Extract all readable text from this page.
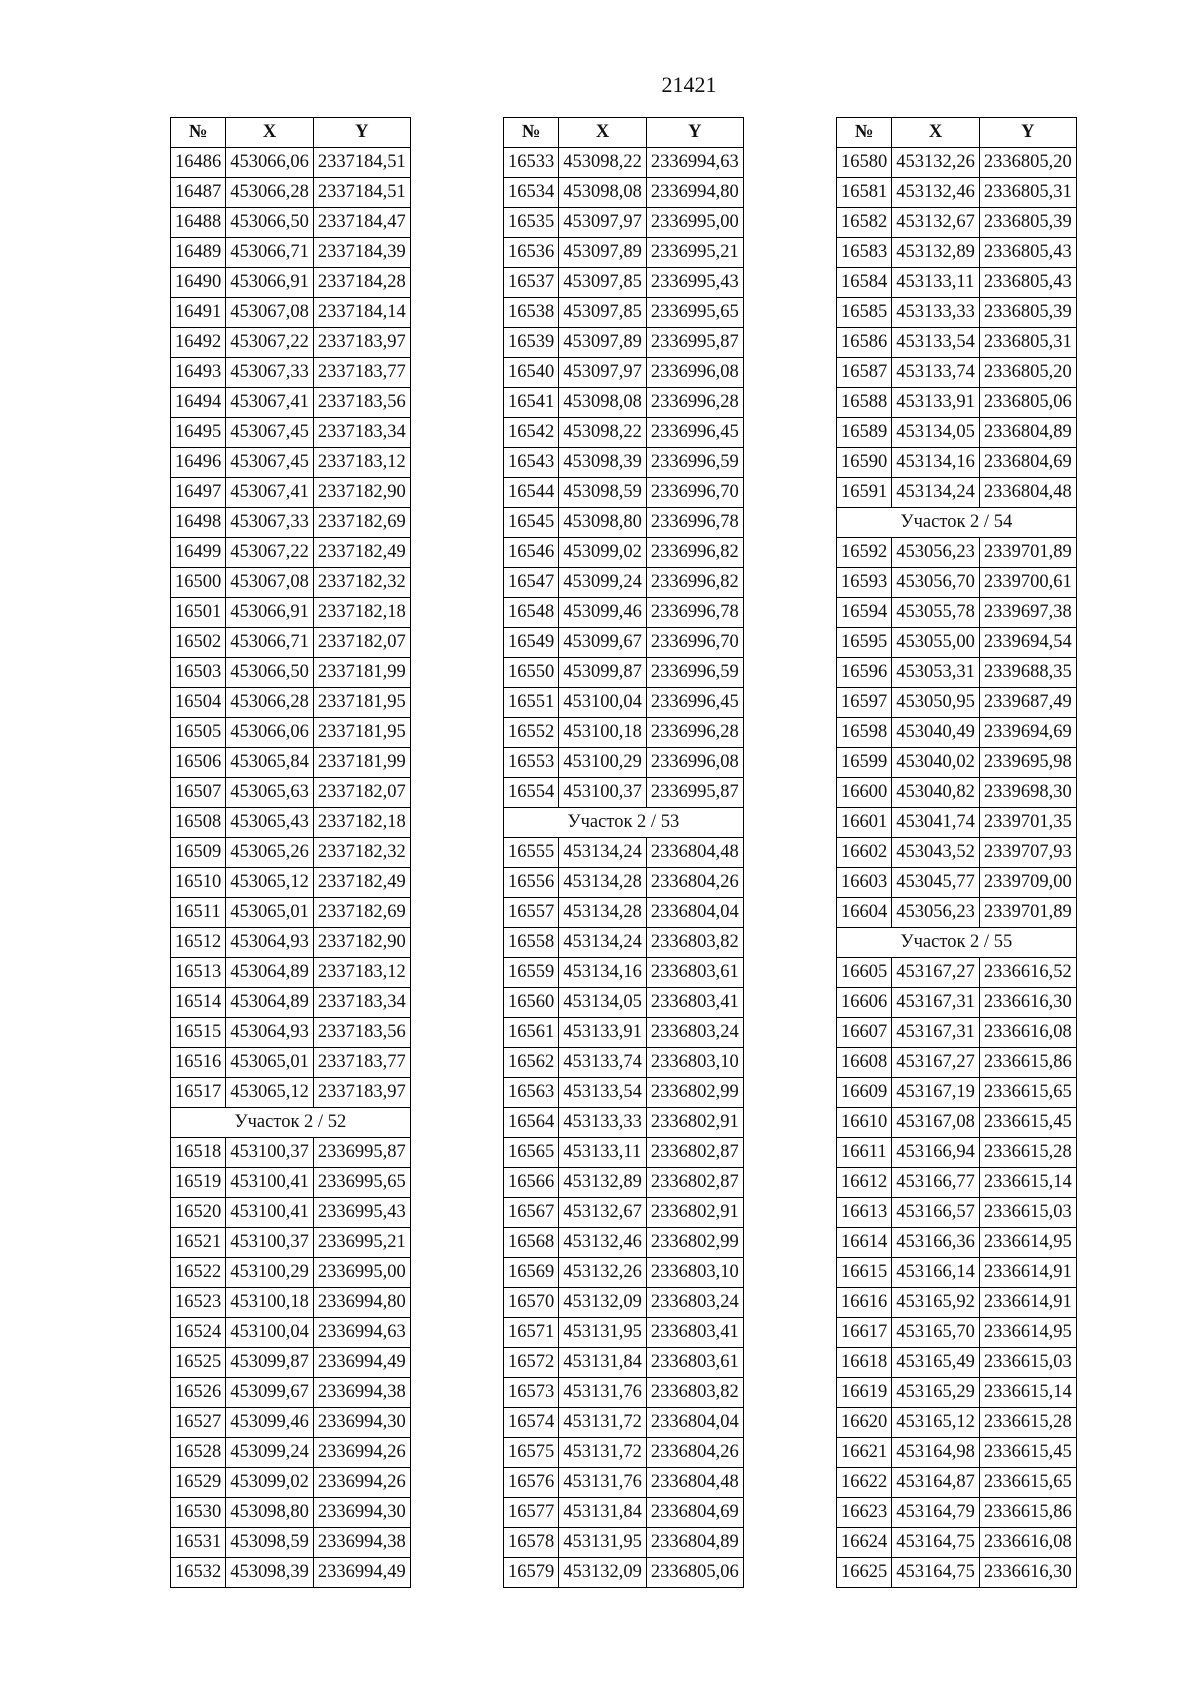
21421
№	X	Y
16486	453066,06	2337184,51
16487	453066,28	2337184,51
16488	453066,50	2337184,47
16489	453066,71	2337184,39
16490	453066,91	2337184,28
16491	453067,08	2337184,14
16492	453067,22	2337183,97
16493	453067,33	2337183,77
16494	453067,41	2337183,56
16495	453067,45	2337183,34
16496	453067,45	2337183,12
16497	453067,41	2337182,90
16498	453067,33	2337182,69
16499	453067,22	2337182,49
16500	453067,08	2337182,32
16501	453066,91	2337182,18
16502	453066,71	2337182,07
16503	453066,50	2337181,99
16504	453066,28	2337181,95
16505	453066,06	2337181,95
16506	453065,84	2337181,99
16507	453065,63	2337182,07
16508	453065,43	2337182,18
16509	453065,26	2337182,32
16510	453065,12	2337182,49
16511	453065,01	2337182,69
16512	453064,93	2337182,90
16513	453064,89	2337183,12
16514	453064,89	2337183,34
16515	453064,93	2337183,56
16516	453065,01	2337183,77
16517	453065,12	2337183,97
Участок 2 / 52		
16518	453100,37	2336995,87
16519	453100,41	2336995,65
16520	453100,41	2336995,43
16521	453100,37	2336995,21
16522	453100,29	2336995,00
16523	453100,18	2336994,80
16524	453100,04	2336994,63
16525	453099,87	2336994,49
16526	453099,67	2336994,38
16527	453099,46	2336994,30
16528	453099,24	2336994,26
16529	453099,02	2336994,26
16530	453098,80	2336994,30
16531	453098,59	2336994,38
16532	453098,39	2336994,49
№	X	Y
16533	453098,22	2336994,63
16534	453098,08	2336994,80
16535	453097,97	2336995,00
16536	453097,89	2336995,21
16537	453097,85	2336995,43
16538	453097,85	2336995,65
16539	453097,89	2336995,87
16540	453097,97	2336996,08
16541	453098,08	2336996,28
16542	453098,22	2336996,45
16543	453098,39	2336996,59
16544	453098,59	2336996,70
16545	453098,80	2336996,78
16546	453099,02	2336996,82
16547	453099,24	2336996,82
16548	453099,46	2336996,78
16549	453099,67	2336996,70
16550	453099,87	2336996,59
16551	453100,04	2336996,45
16552	453100,18	2336996,28
16553	453100,29	2336996,08
16554	453100,37	2336995,87
Участок 2 / 53		
16555	453134,24	2336804,48
16556	453134,28	2336804,26
16557	453134,28	2336804,04
16558	453134,24	2336803,82
16559	453134,16	2336803,61
16560	453134,05	2336803,41
16561	453133,91	2336803,24
16562	453133,74	2336803,10
16563	453133,54	2336802,99
16564	453133,33	2336802,91
16565	453133,11	2336802,87
16566	453132,89	2336802,87
16567	453132,67	2336802,91
16568	453132,46	2336802,99
16569	453132,26	2336803,10
16570	453132,09	2336803,24
16571	453131,95	2336803,41
16572	453131,84	2336803,61
16573	453131,76	2336803,82
16574	453131,72	2336804,04
16575	453131,72	2336804,26
16576	453131,76	2336804,48
16577	453131,84	2336804,69
16578	453131,95	2336804,89
16579	453132,09	2336805,06
№	X	Y
16580	453132,26	2336805,20
16581	453132,46	2336805,31
16582	453132,67	2336805,39
16583	453132,89	2336805,43
16584	453133,11	2336805,43
16585	453133,33	2336805,39
16586	453133,54	2336805,31
16587	453133,74	2336805,20
16588	453133,91	2336805,06
16589	453134,05	2336804,89
16590	453134,16	2336804,69
16591	453134,24	2336804,48
Участок 2 / 54		
16592	453056,23	2339701,89
16593	453056,70	2339700,61
16594	453055,78	2339697,38
16595	453055,00	2339694,54
16596	453053,31	2339688,35
16597	453050,95	2339687,49
16598	453040,49	2339694,69
16599	453040,02	2339695,98
16600	453040,82	2339698,30
16601	453041,74	2339701,35
16602	453043,52	2339707,93
16603	453045,77	2339709,00
16604	453056,23	2339701,89
Участок 2 / 55		
16605	453167,27	2336616,52
16606	453167,31	2336616,30
16607	453167,31	2336616,08
16608	453167,27	2336615,86
16609	453167,19	2336615,65
16610	453167,08	2336615,45
16611	453166,94	2336615,28
16612	453166,77	2336615,14
16613	453166,57	2336615,03
16614	453166,36	2336614,95
16615	453166,14	2336614,91
16616	453165,92	2336614,91
16617	453165,70	2336614,95
16618	453165,49	2336615,03
16619	453165,29	2336615,14
16620	453165,12	2336615,28
16621	453164,98	2336615,45
16622	453164,87	2336615,65
16623	453164,79	2336615,86
16624	453164,75	2336616,08
16625	453164,75	2336616,30
